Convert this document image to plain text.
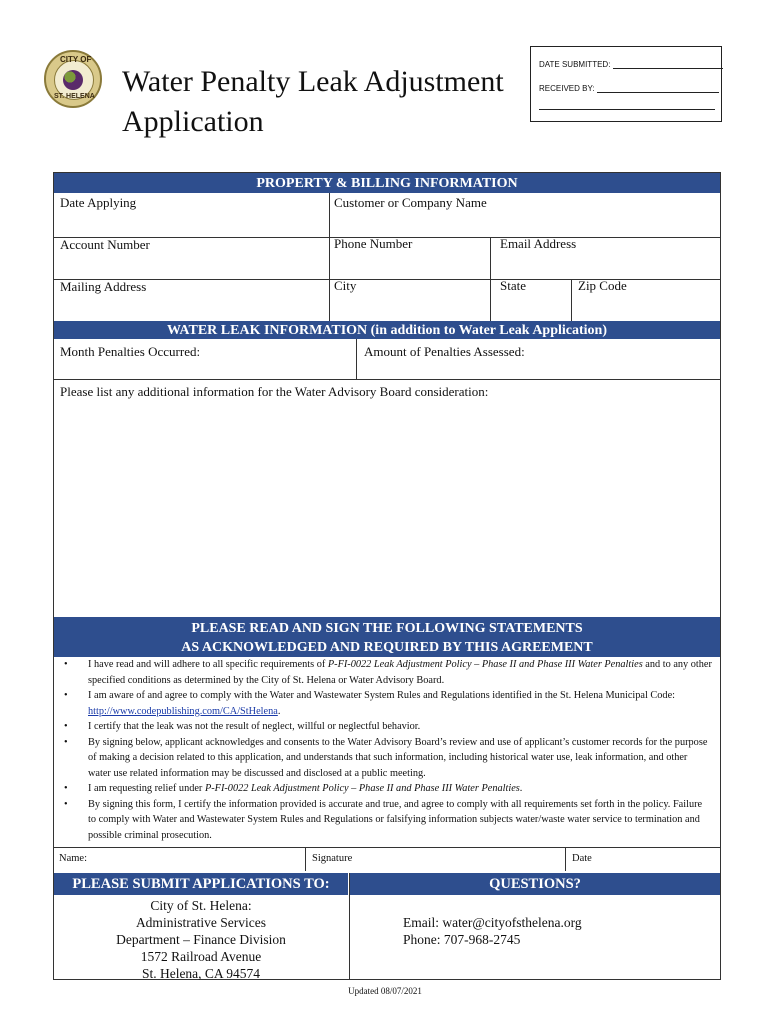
CITY OF
ST. HELENA Water Penalty Leak Adjustment
Application
DATE SUBMITTED:
RECEIVED BY:
PROPERTY & BILLING INFORMATION
Date Applying	Customer or Company Name
Account Number	Phone Number	Email Address
Mailing Address	City	State	Zip Code
WATER LEAK INFORMATION (in addition to Water Leak Application)
Month Penalties Occurred:	Amount of Penalties Assessed:
Please list any additional information for the Water Advisory Board consideration:
PLEASE READ AND SIGN THE FOLLOWING STATEMENTS
AS ACKNOWLEDGED AND REQUIRED BY THIS AGREEMENT
• I have read and will adhere to all specific requirements of P-FI-0022 Leak Adjustment Policy – Phase II and Phase III Water Penalties and to any other specified conditions as determined by the City of St. Helena or Water Advisory Board.
• I am aware of and agree to comply with the Water and Wastewater System Rules and Regulations identified in the St. Helena Municipal Code: http://www.codepublishing.com/CA/StHelena.
• I certify that the leak was not the result of neglect, willful or neglectful behavior.
• By signing below, applicant acknowledges and consents to the Water Advisory Board’s review and use of applicant’s customer records for the purpose of making a decision related to this application, and understands that such information, including historical water use, leak information, and other water use related information may be discussed and disclosed at a public meeting.
• I am requesting relief under P-FI-0022 Leak Adjustment Policy – Phase II and Phase III Water Penalties.
• By signing this form, I certify the information provided is accurate and true, and agree to comply with all requirements set forth in the policy. Failure to comply with Water and Wastewater System Rules and Regulations or falsifying information subjects water/waste water service to termination and possible criminal prosecution.
Name:	Signature	Date
PLEASE SUBMIT APPLICATIONS TO:	QUESTIONS?
City of St. Helena:
Administrative Services
Department – Finance Division
1572 Railroad Avenue
St. Helena, CA 94574
Email: water@cityofsthelena.org
Phone: 707-968-2745
Updated 08/07/2021
